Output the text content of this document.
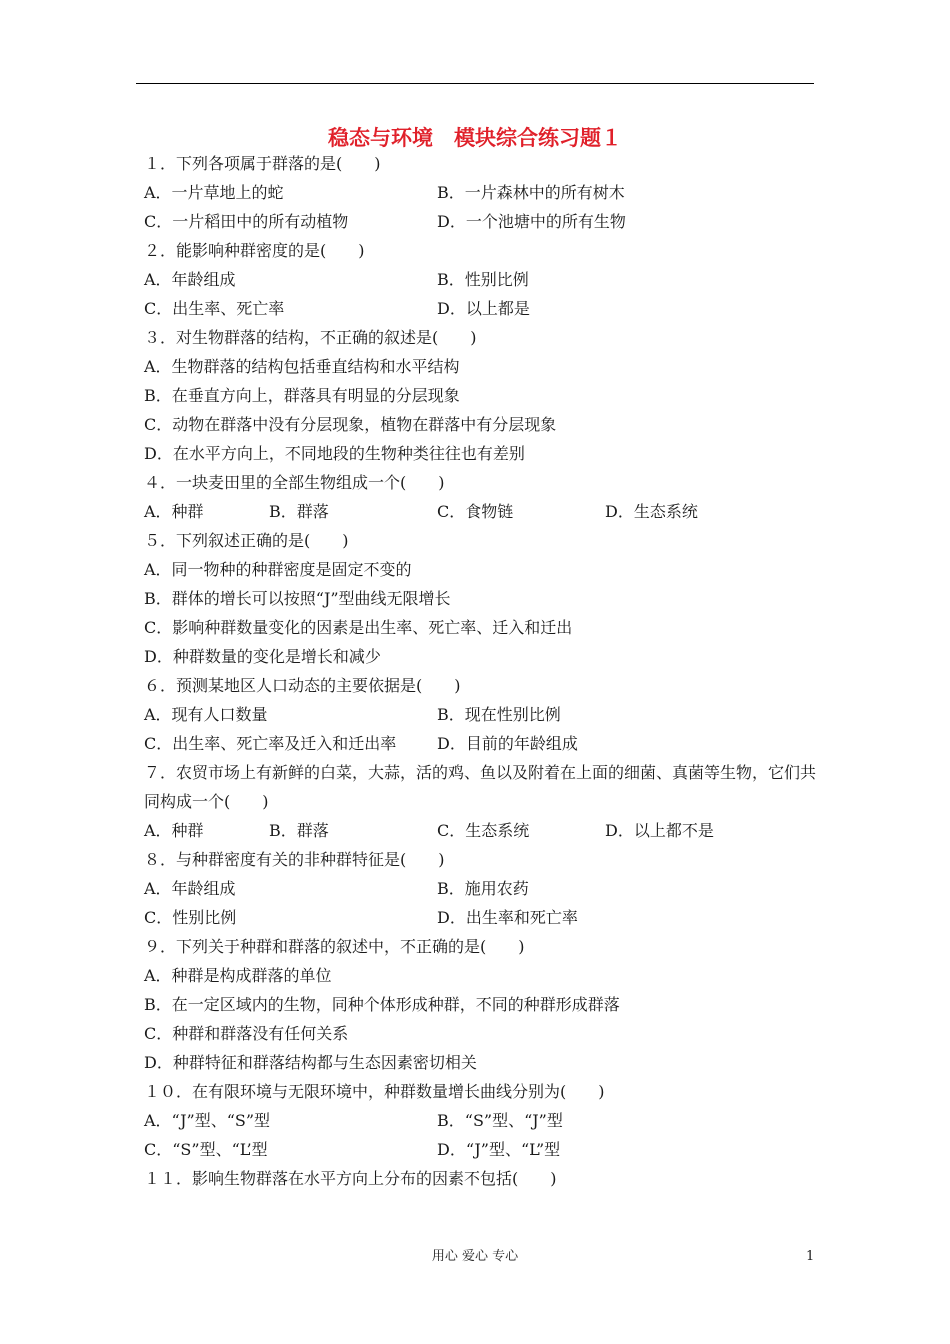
稳态与环境　模块综合练习题１
１．下列各项属于群落的是(　　)
A．一片草地上的蛇	B．一片森林中的所有树木
C．一片稻田中的所有动植物	D．一个池塘中的所有生物
２．能影响种群密度的是(　　)
A．年龄组成	B．性别比例
C．出生率、死亡率	D．以上都是
３．对生物群落的结构，不正确的叙述是(　　)
A．生物群落的结构包括垂直结构和水平结构
B．在垂直方向上，群落具有明显的分层现象
C．动物在群落中没有分层现象，植物在群落中有分层现象
D．在水平方向上，不同地段的生物种类往往也有差别
４．一块麦田里的全部生物组成一个(　　)
A．种群	B．群落	C．食物链	D．生态系统
５．下列叙述正确的是(　　)
A．同一物种的种群密度是固定不变的
B．群体的增长可以按照“J”型曲线无限增长
C．影响种群数量变化的因素是出生率、死亡率、迁入和迁出
D．种群数量的变化是增长和减少
６．预测某地区人口动态的主要依据是(　　)
A．现有人口数量	B．现在性别比例
C．出生率、死亡率及迁入和迁出率	D．目前的年龄组成
７．农贸市场上有新鲜的白菜，大蒜，活的鸡、鱼以及附着在上面的细菌、真菌等生物，它们共
同构成一个(　　)
A．种群	B．群落	C．生态系统	D．以上都不是
８．与种群密度有关的非种群特征是(　　)
A．年龄组成	B．施用农药
C．性别比例	D．出生率和死亡率
９．下列关于种群和群落的叙述中，不正确的是(　　)
A．种群是构成群落的单位
B．在一定区域内的生物，同种个体形成种群，不同的种群形成群落
C．种群和群落没有任何关系
D．种群特征和群落结构都与生态因素密切相关
１０．在有限环境与无限环境中，种群数量增长曲线分别为(　　)
A．“J”型、“S”型	B．“S”型、“J”型
C．“S”型、“L’型	D．“J”型、“L”型
１１．影响生物群落在水平方向上分布的因素不包括(　　)
用心 爱心 专心	1
